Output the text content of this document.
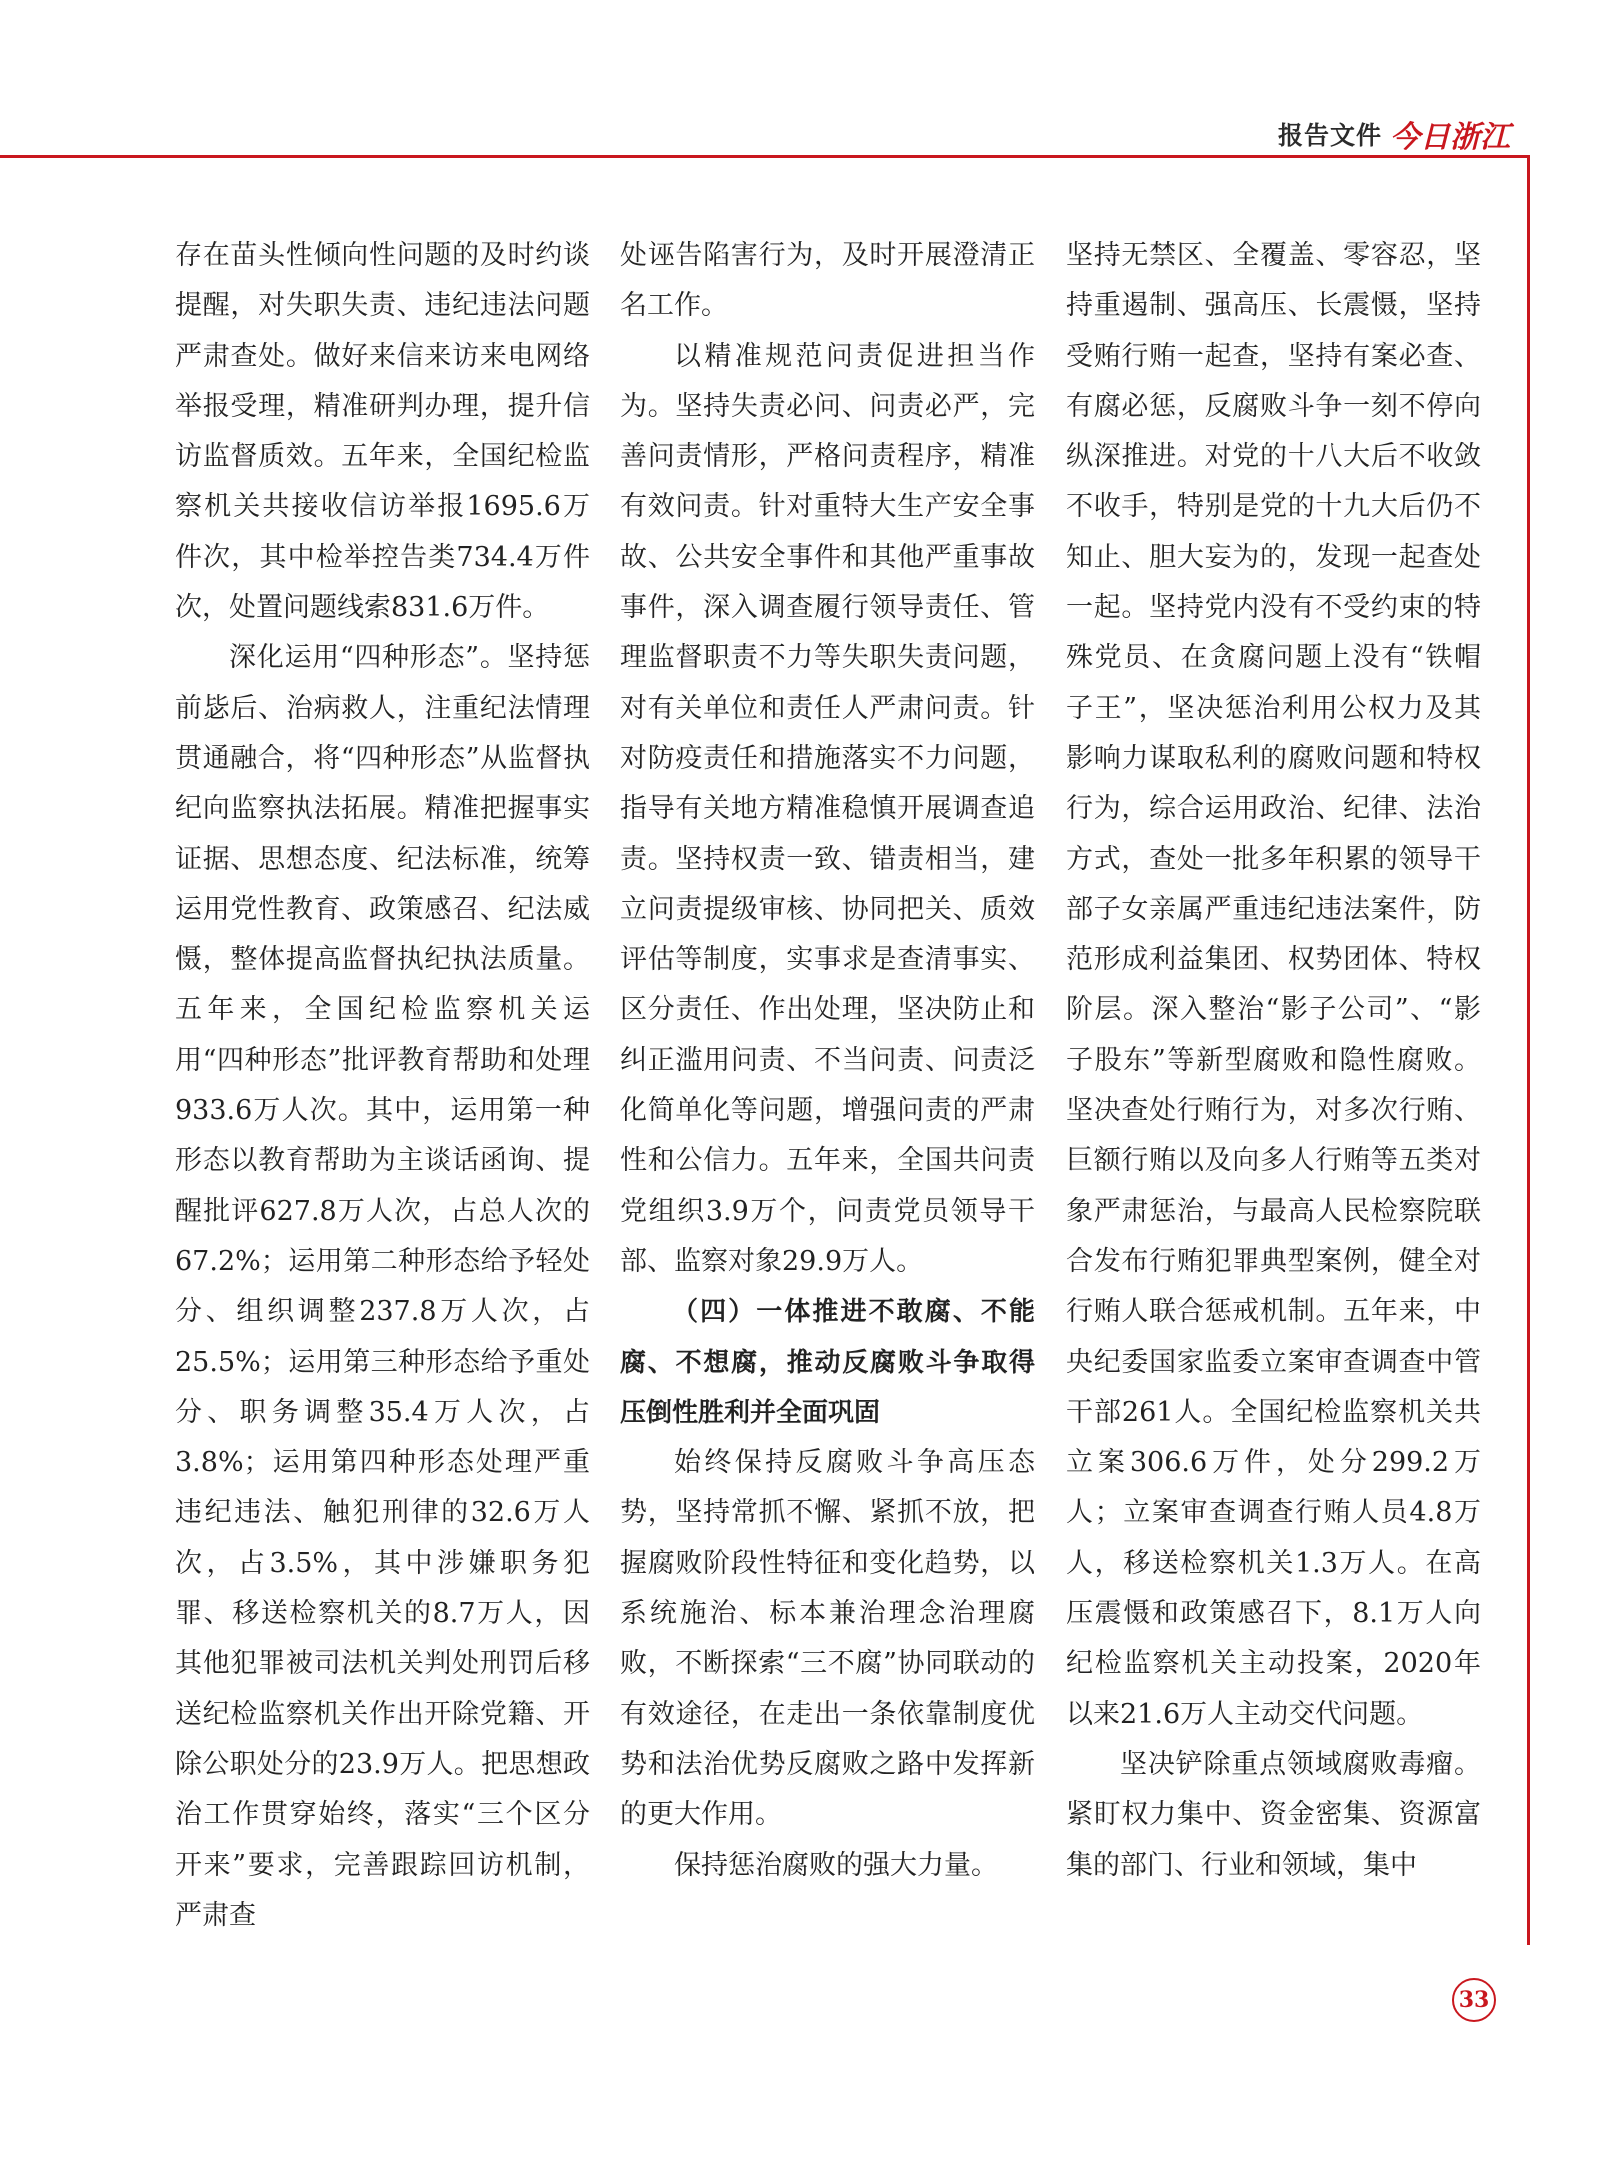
报告文件 今日浙江

存在苗头性倾向性问题的及时约谈提醒，对失职失责、违纪违法问题严肃查处。做好来信来访来电网络举报受理，精准研判办理，提升信访监督质效。五年来，全国纪检监察机关共接收信访举报1695.6万件次，其中检举控告类734.4万件次，处置问题线索831.6万件。

深化运用“四种形态”。坚持惩前毖后、治病救人，注重纪法情理贯通融合，将“四种形态”从监督执纪向监察执法拓展。精准把握事实证据、思想态度、纪法标准，统筹运用党性教育、政策感召、纪法威慑，整体提高监督执纪执法质量。五年来，全国纪检监察机关运用“四种形态”批评教育帮助和处理933.6万人次。其中，运用第一种形态以教育帮助为主谈话函询、提醒批评627.8万人次，占总人次的67.2%；运用第二种形态给予轻处分、组织调整237.8万人次，占25.5%；运用第三种形态给予重处分、职务调整35.4万人次，占3.8%；运用第四种形态处理严重违纪违法、触犯刑律的32.6万人次，占3.5%，其中涉嫌职务犯罪、移送检察机关的8.7万人，因其他犯罪被司法机关判处刑罚后移送纪检监察机关作出开除党籍、开除公职处分的23.9万人。把思想政治工作贯穿始终，落实“三个区分开来”要求，完善跟踪回访机制，严肃查

处诬告陷害行为，及时开展澄清正名工作。

以精准规范问责促进担当作为。坚持失责必问、问责必严，完善问责情形，严格问责程序，精准有效问责。针对重特大生产安全事故、公共安全事件和其他严重事故事件，深入调查履行领导责任、管理监督职责不力等失职失责问题，对有关单位和责任人严肃问责。针对防疫责任和措施落实不力问题，指导有关地方精准稳慎开展调查追责。坚持权责一致、错责相当，建立问责提级审核、协同把关、质效评估等制度，实事求是查清事实、区分责任、作出处理，坚决防止和纠正滥用问责、不当问责、问责泛化简单化等问题，增强问责的严肃性和公信力。五年来，全国共问责党组织3.9万个，问责党员领导干部、监察对象29.9万人。

（四）一体推进不敢腐、不能腐、不想腐，推动反腐败斗争取得压倒性胜利并全面巩固

始终保持反腐败斗争高压态势，坚持常抓不懈、紧抓不放，把握腐败阶段性特征和变化趋势，以系统施治、标本兼治理念治理腐败，不断探索“三不腐”协同联动的有效途径，在走出一条依靠制度优势和法治优势反腐败之路中发挥新的更大作用。

保持惩治腐败的强大力量。

坚持无禁区、全覆盖、零容忍，坚持重遏制、强高压、长震慑，坚持受贿行贿一起查，坚持有案必查、有腐必惩，反腐败斗争一刻不停向纵深推进。对党的十八大后不收敛不收手，特别是党的十九大后仍不知止、胆大妄为的，发现一起查处一起。坚持党内没有不受约束的特殊党员、在贪腐问题上没有“铁帽子王”，坚决惩治利用公权力及其影响力谋取私利的腐败问题和特权行为，综合运用政治、纪律、法治方式，查处一批多年积累的领导干部子女亲属严重违纪违法案件，防范形成利益集团、权势团体、特权阶层。深入整治“影子公司”、“影子股东”等新型腐败和隐性腐败。坚决查处行贿行为，对多次行贿、巨额行贿以及向多人行贿等五类对象严肃惩治，与最高人民检察院联合发布行贿犯罪典型案例，健全对行贿人联合惩戒机制。五年来，中央纪委国家监委立案审查调查中管干部261人。全国纪检监察机关共立案306.6万件，处分299.2万人；立案审查调查行贿人员4.8万人，移送检察机关1.3万人。在高压震慑和政策感召下，8.1万人向纪检监察机关主动投案，2020年以来21.6万人主动交代问题。

坚决铲除重点领域腐败毒瘤。紧盯权力集中、资金密集、资源富集的部门、行业和领域，集中

33
